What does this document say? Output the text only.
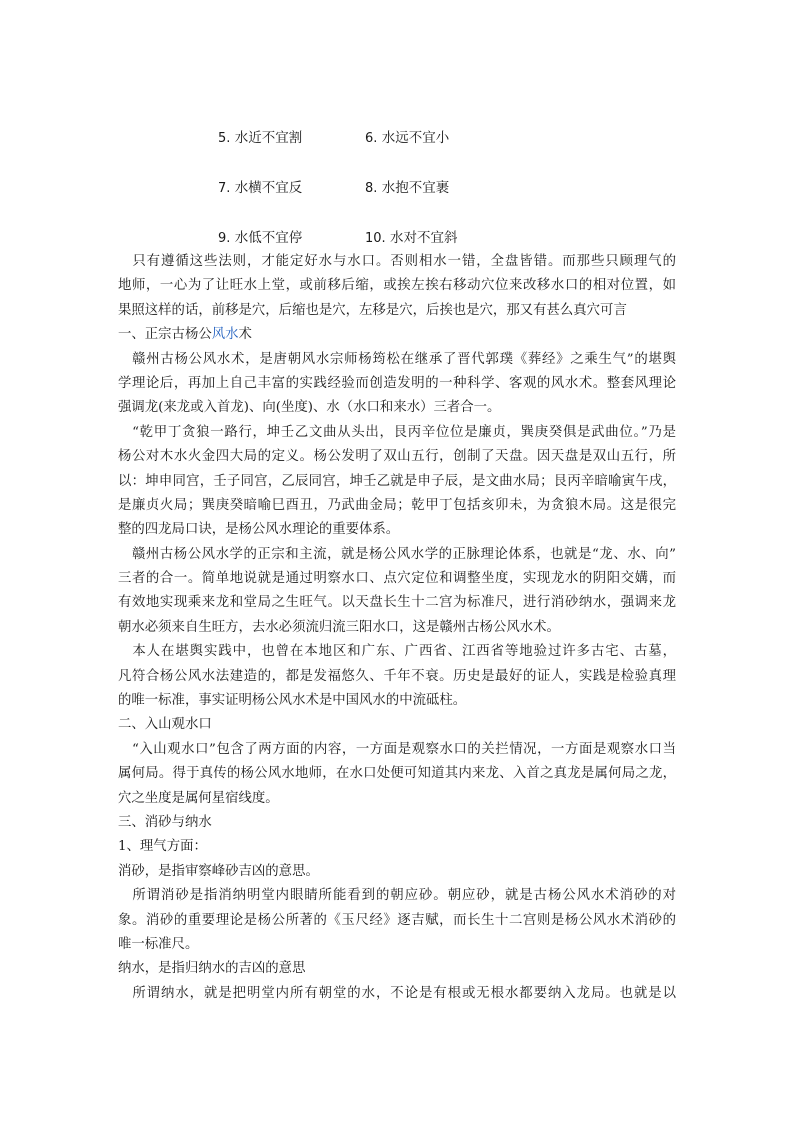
5. 水近不宜割	6. 水远不宜小
7. 水横不宜反	8. 水抱不宜裹
9. 水低不宜停	10. 水对不宜斜
　只有遵循这些法则，才能定好水与水口。否则相水一错，全盘皆错。而那些只顾理气的
地师，一心为了让旺水上堂，或前移后缩，或挨左挨右移动穴位来改移水口的相对位置，如
果照这样的话，前移是穴，后缩也是穴，左移是穴，后挨也是穴，那又有甚么真穴可言
一、正宗古杨公风水术
　赣州古杨公风水术，是唐朝风水宗师杨筠松在继承了晋代郭璞《葬经》之乘生气”的堪舆
学理论后，再加上自己丰富的实践经验而创造发明的一种科学、客观的风水术。整套风理论
强调龙(来龙或入首龙)、向(坐度)、水（水口和来水）三者合一。
　“乾甲丁贪狼一路行，坤壬乙文曲从头出，艮丙辛位位是廉贞，巽庚癸俱是武曲位。”乃是
杨公对木水火金四大局的定义。杨公发明了双山五行，创制了天盘。因天盘是双山五行，所
以：坤申同宫，壬子同宫，乙辰同宫，坤壬乙就是申子辰，是文曲水局；艮丙辛暗喻寅午戌，
是廉贞火局；巽庚癸暗喻巳酉丑，乃武曲金局；乾甲丁包括亥卯未，为贪狼木局。这是很完
整的四龙局口诀，是杨公风水理论的重要体系。
　赣州古杨公风水学的正宗和主流，就是杨公风水学的正脉理论体系，也就是“龙、水、向”
三者的合一。简单地说就是通过明察水口、点穴定位和调整坐度，实现龙水的阴阳交媾，而
有效地实现乘来龙和堂局之生旺气。以天盘长生十二宫为标准尺，进行消砂纳水，强调来龙
朝水必须来自生旺方，去水必须流归流三阳水口，这是赣州古杨公风水术。
　本人在堪舆实践中，也曾在本地区和广东、广西省、江西省等地验过许多古宅、古墓，
凡符合杨公风水法建造的，都是发福悠久、千年不衰。历史是最好的证人，实践是检验真理
的唯一标准，事实证明杨公风水术是中国风水的中流砥柱。
二、入山观水口
　“入山观水口”包含了两方面的内容，一方面是观察水口的关拦情况，一方面是观察水口当
属何局。得于真传的杨公风水地师，在水口处便可知道其内来龙、入首之真龙是属何局之龙，
穴之坐度是属何星宿线度。
三、消砂与纳水
1、理气方面：
消砂，是指审察峰砂吉凶的意思。
　所谓消砂是指消纳明堂内眼睛所能看到的朝应砂。朝应砂，就是古杨公风水术消砂的对
象。消砂的重要理论是杨公所著的《玉尺经》逐吉赋，而长生十二宫则是杨公风水术消砂的
唯一标准尺。
纳水，是指归纳水的吉凶的意思
　所谓纳水，就是把明堂内所有朝堂的水，不论是有根或无根水都要纳入龙局。也就是以
